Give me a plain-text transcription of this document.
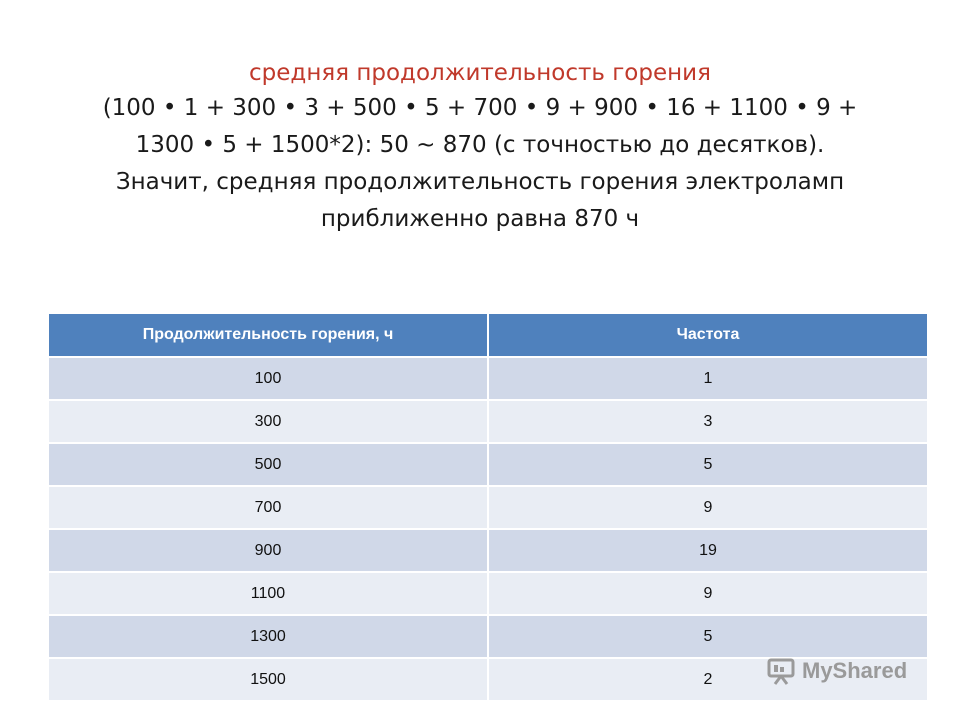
средняя продолжительность горения
(100 • 1 + 300 • 3 + 500 • 5 + 700 • 9 + 900 • 16 + 1100 • 9 +
1300 • 5 + 1500*2): 50 ~ 870 (с точностью до десятков).
Значит, средняя продолжительность горения электроламп
приближенно равна 870 ч
Продолжительность горения, ч	Частота
100	1
300	3
500	5
700	9
900	19
1100	9
1300	5
1500	2	MyShared
